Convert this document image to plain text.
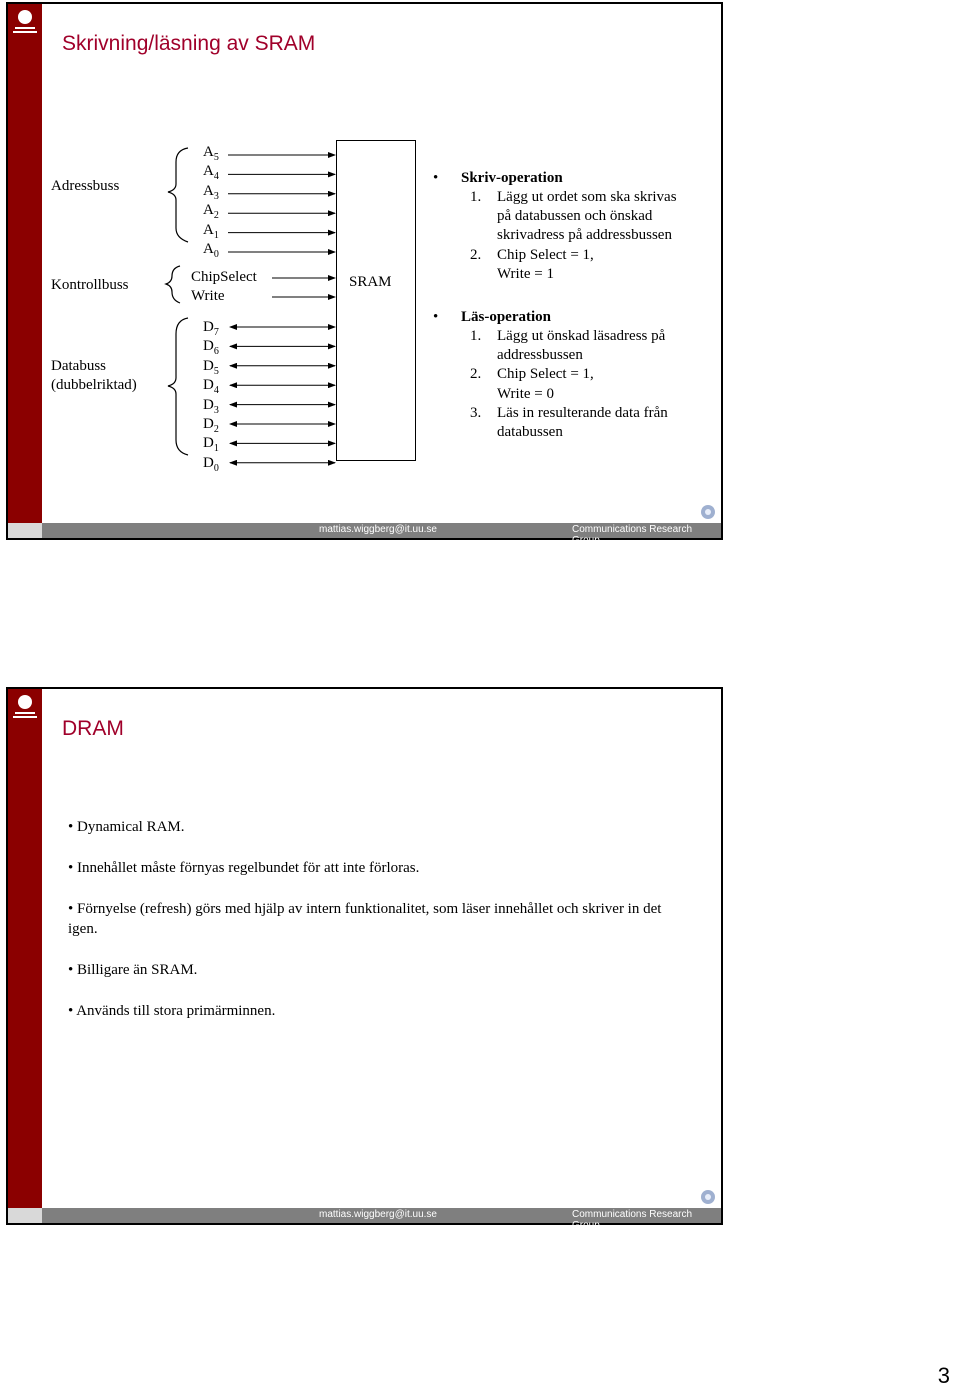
Skrivning/läsning av SRAM
mattias.wiggberg@it.uu.se	Communications Research Group
Adressbuss
Kontrollbuss
Databuss
(dubbelriktad)
$A_5$
$A_4$
$A_3$
$A_2$
$A_1$
$A_0$
$D_7$
$D_6$
$D_5$
$D_4$
$D_3$
$D_2$
$D_1$
$D_0$
ChipSelect
Write
SRAM
• Skriv-operation
1. Lägg ut ordet som ska skrivas
på databussen och önskad
skrivadress på addressbussen
2. Chip Select = 1,
Write = 1
• Läs-operation
1. Lägg ut önskad läsadress på
addressbussen
2. Chip Select = 1,
Write = 0
3. Läs in resulterande data från
databussen
DRAM
mattias.wiggberg@it.uu.se	Communications Research Group

• Dynamical RAM.

• Innehållet måste förnyas regelbundet för att inte förloras.

• Förnyelse (refresh) görs med hjälp av intern funktionalitet, som läser innehållet och skriver in det igen.

• Billigare än SRAM.

• Används till stora primärminnen.

3
